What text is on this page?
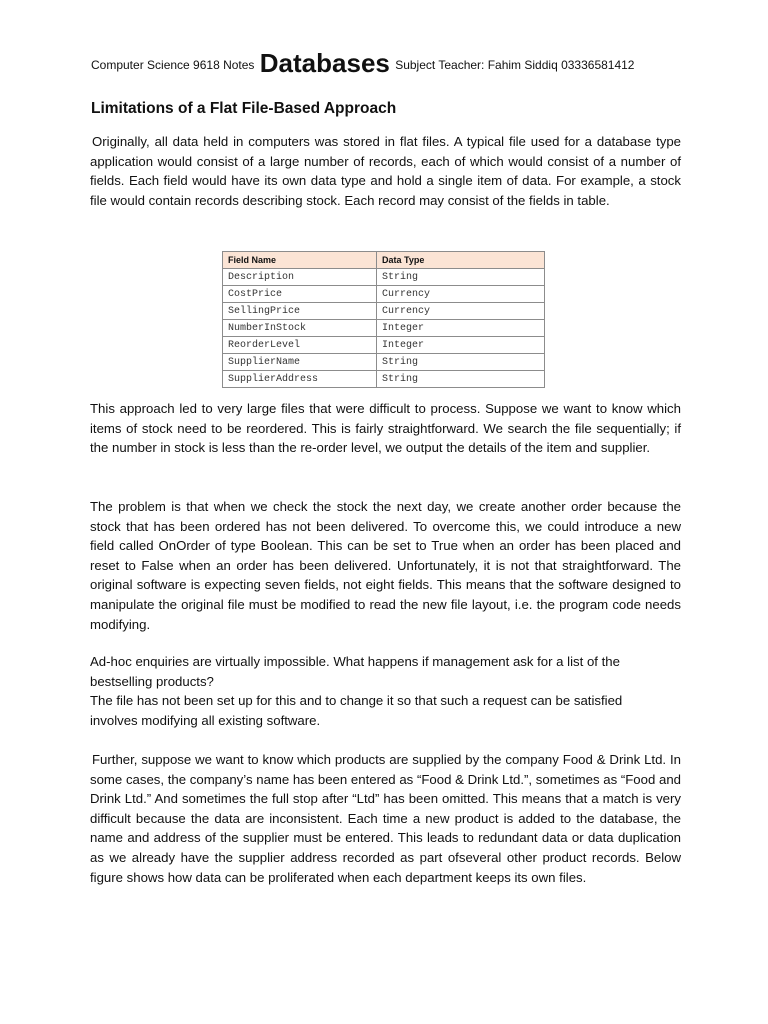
Computer Science 9618 Notes Databases Subject Teacher: Fahim Siddiq 03336581412
Limitations of a Flat File-Based Approach

Originally, all data held in computers was stored in flat files. A typical file used for a database type application would consist of a large number of records, each of which would consist of a number of fields. Each field would have its own data type and hold a single item of data. For example, a stock file would contain records describing stock. Each record may consist of the fields in table.

Field Name	Data Type
Description	String
CostPrice	Currency
SellingPrice	Currency
NumberInStock	Integer
ReorderLevel	Integer
SupplierName	String
SupplierAddress	String

This approach led to very large files that were difficult to process. Suppose we want to know which items of stock need to be reordered. This is fairly straightforward. We search the file sequentially; if the number in stock is less than the re-order level, we output the details of the item and supplier.

The problem is that when we check the stock the next day, we create another order because the stock that has been ordered has not been delivered. To overcome this, we could introduce a new field called OnOrder of type Boolean. This can be set to True when an order has been placed and reset to False when an order has been delivered. Unfortunately, it is not that straightforward. The original software is expecting seven fields, not eight fields. This means that the software designed to manipulate the original file must be modified to read the new file layout, i.e. the program code needs modifying.

Ad-hoc enquiries are virtually impossible. What happens if management ask for a list of the bestselling products?

The file has not been set up for this and to change it so that such a request can be satisfied involves modifying all existing software.

Further, suppose we want to know which products are supplied by the company Food & Drink Ltd. In some cases, the company’s name has been entered as “Food & Drink Ltd.”, sometimes as “Food and Drink Ltd.” And sometimes the full stop after “Ltd” has been omitted. This means that a match is very difficult because the data are inconsistent. Each time a new product is added to the database, the name and address of the supplier must be entered. This leads to redundant data or data duplication as we already have the supplier address recorded as part ofseveral other product records. Below figure shows how data can be proliferated when each department keeps its own files.
